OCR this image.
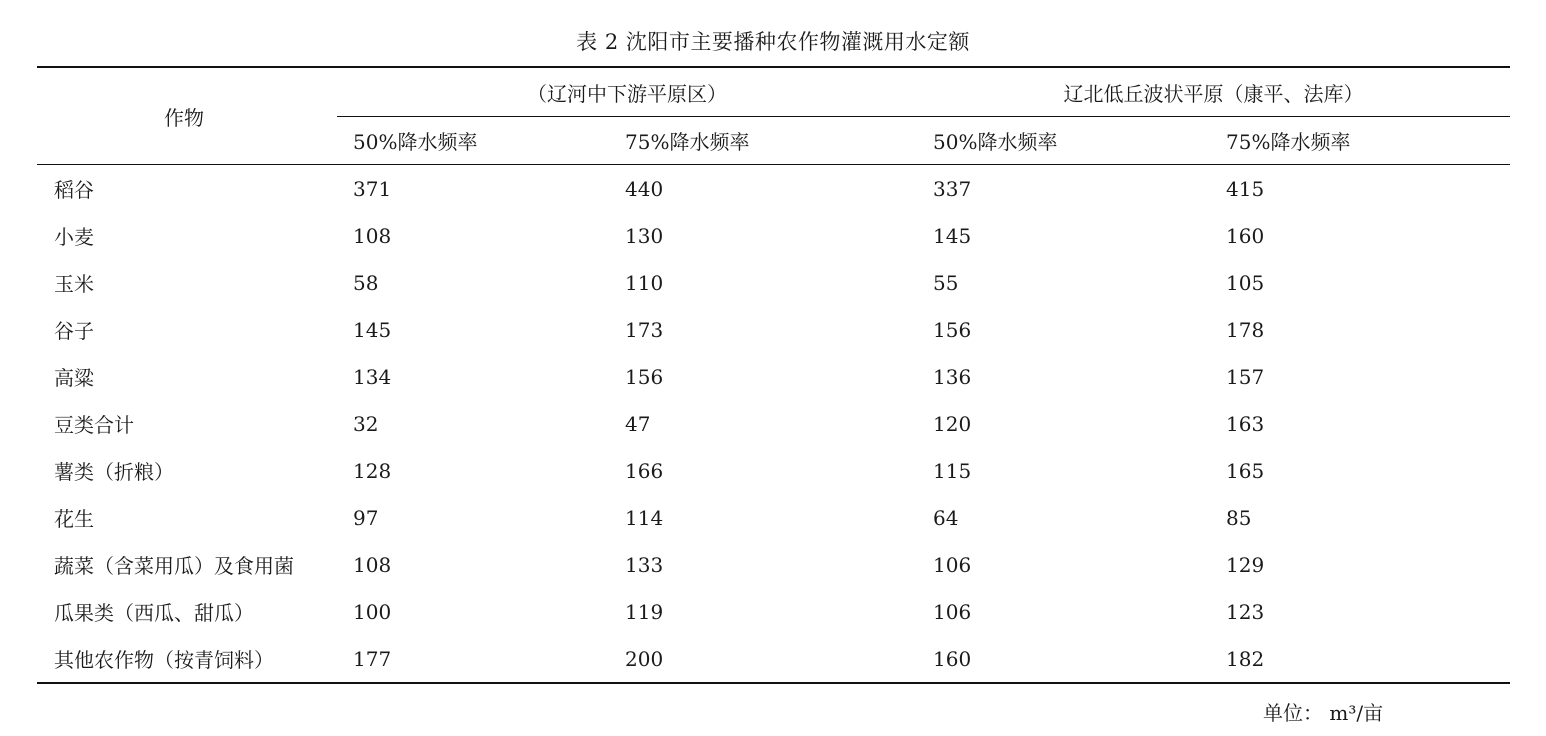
表 2 沈阳市主要播种农作物灌溉用水定额
作物	（辽河中下游平原区）		辽北低丘波状平原（康平、法库）	
	50%降水频率	75%降水频率	50%降水频率	75%降水频率
稻谷	371	440	337	415
小麦	108	130	145	160
玉米	58	110	55	105
谷子	145	173	156	178
高粱	134	156	136	157
豆类合计	32	47	120	163
薯类（折粮）	128	166	115	165
花生	97	114	64	85
蔬菜（含菜用瓜）及食用菌	108	133	106	129
瓜果类（西瓜、甜瓜）	100	119	106	123
其他农作物（按青饲料）	177	200	160	182
单位： m³/亩
